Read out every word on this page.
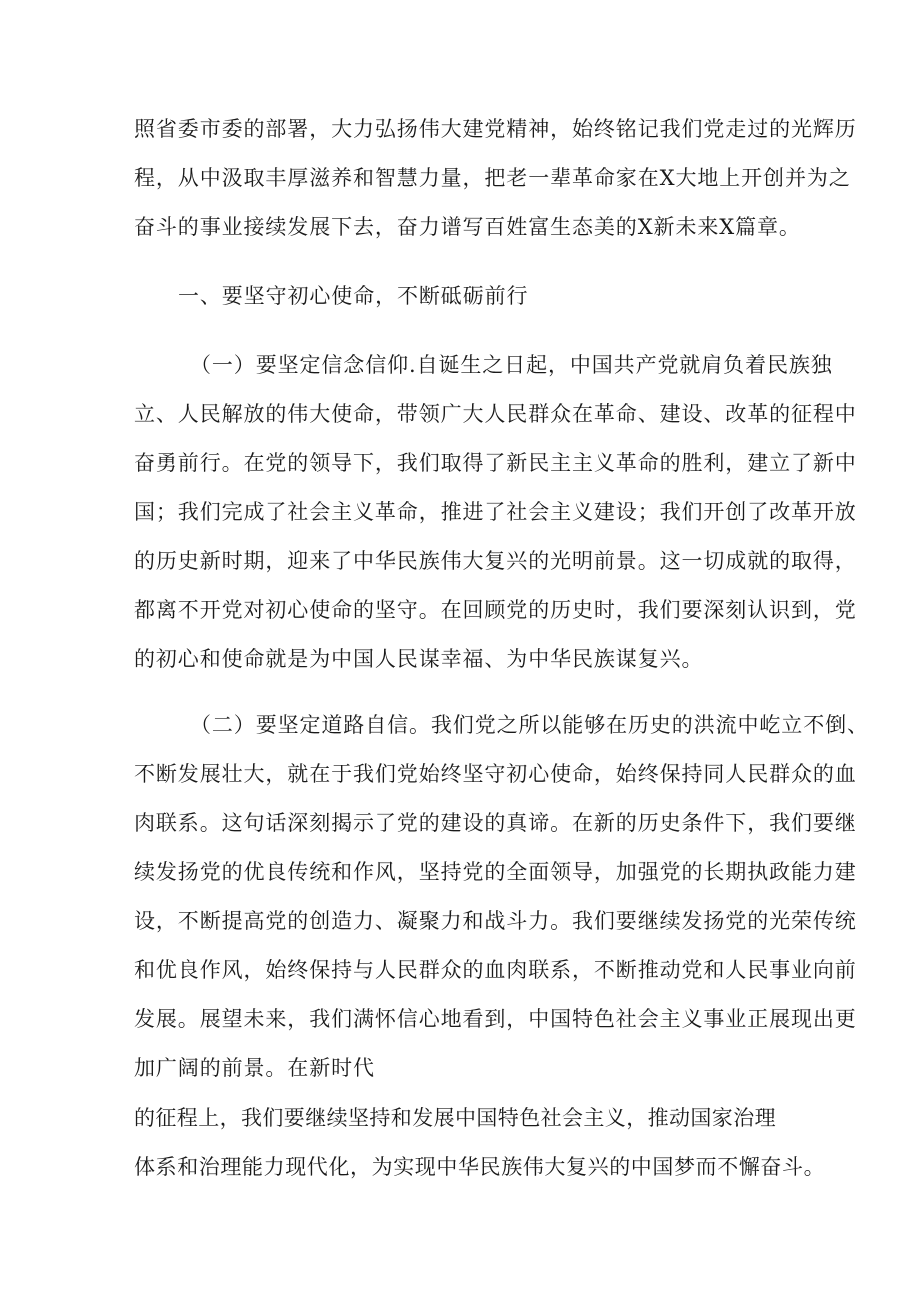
照省委市委的部署，大力弘扬伟大建党精神，始终铭记我们党走过的光辉历
程，从中汲取丰厚滋养和智慧力量，把老一辈革命家在X大地上开创并为之
奋斗的事业接续发展下去，奋力谱写百姓富生态美的X新未来X篇章。
一、要坚守初心使命，不断砥砺前行
（一）要坚定信念信仰.自诞生之日起，中国共产党就肩负着民族独
立、人民解放的伟大使命，带领广大人民群众在革命、建设、改革的征程中
奋勇前行。在党的领导下，我们取得了新民主主义革命的胜利，建立了新中
国；我们完成了社会主义革命，推进了社会主义建设；我们开创了改革开放
的历史新时期，迎来了中华民族伟大复兴的光明前景。这一切成就的取得，
都离不开党对初心使命的坚守。在回顾党的历史时，我们要深刻认识到，党
的初心和使命就是为中国人民谋幸福、为中华民族谋复兴。
（二）要坚定道路自信。我们党之所以能够在历史的洪流中屹立不倒、
不断发展壮大，就在于我们党始终坚守初心使命，始终保持同人民群众的血
肉联系。这句话深刻揭示了党的建设的真谛。在新的历史条件下，我们要继
续发扬党的优良传统和作风，坚持党的全面领导，加强党的长期执政能力建
设，不断提高党的创造力、凝聚力和战斗力。我们要继续发扬党的光荣传统
和优良作风，始终保持与人民群众的血肉联系，不断推动党和人民事业向前
发展。展望未来，我们满怀信心地看到，中国特色社会主义事业正展现出更
加广阔的前景。在新时代
的征程上，我们要继续坚持和发展中国特色社会主义，推动国家治理
体系和治理能力现代化，为实现中华民族伟大复兴的中国梦而不懈奋斗。
